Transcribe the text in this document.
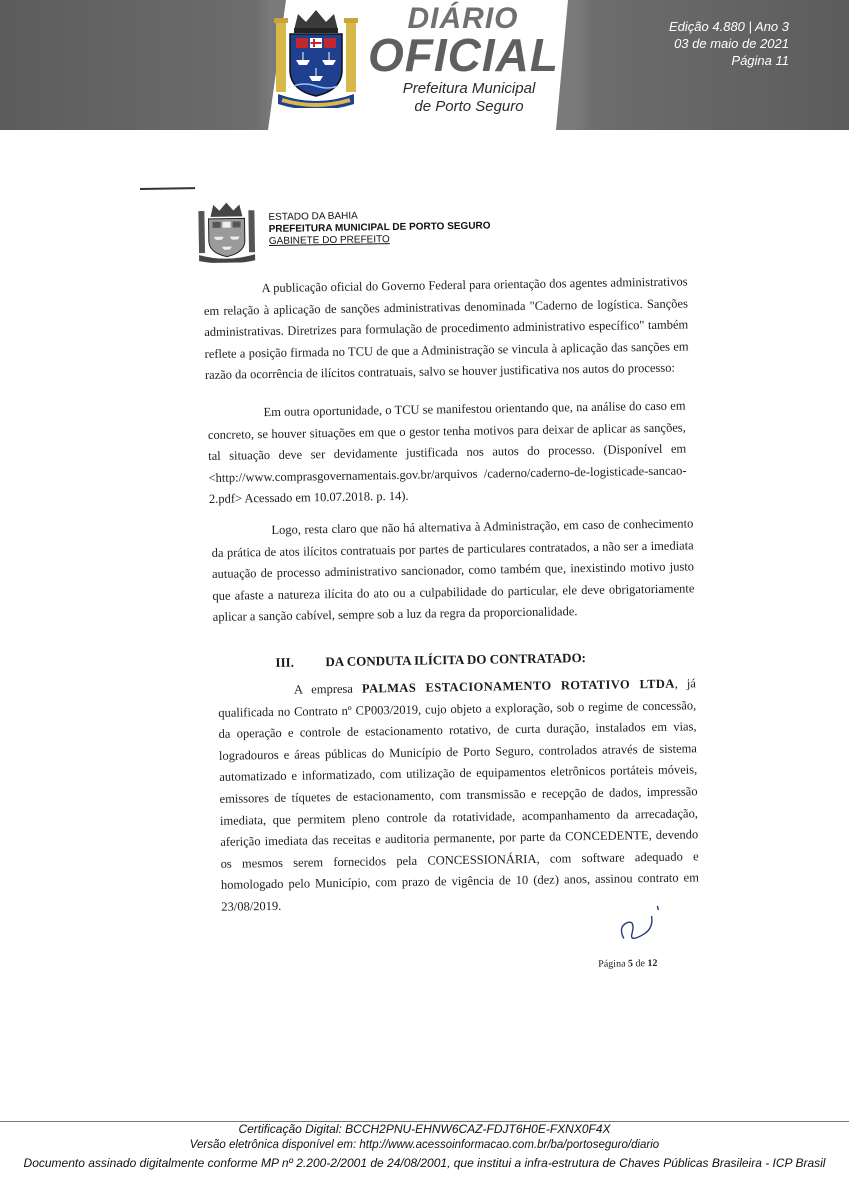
DIÁRIO
OFICIAL
Prefeitura Municipal
de Porto Seguro
Edição 4.880 | Ano 3
03 de maio de 2021
Página 11
ESTADO DA BAHIA
PREFEITURA MUNICIPAL DE PORTO SEGURO
GABINETE DO PREFEITO

A publicação oficial do Governo Federal para orientação dos agentes administrativos em relação à aplicação de sanções administrativas denominada "Caderno de logística. Sanções administrativas. Diretrizes para formulação de procedimento administrativo específico" também reflete a posição firmada no TCU de que a Administração se vincula à aplicação das sanções em razão da ocorrência de ilícitos contratuais, salvo se houver justificativa nos autos do processo:

Em outra oportunidade, o TCU se manifestou orientando que, na análise do caso em concreto, se houver situações em que o gestor tenha motivos para deixar de aplicar as sanções, tal situação deve ser devidamente justificada nos autos do processo. (Disponível em <http://www.comprasgovernamentais.gov.br/arquivos /caderno/caderno-de-logisticade-sancao-2.pdf> Acessado em 10.07.2018. p. 14).

Logo, resta claro que não há alternativa à Administração, em caso de conhecimento da prática de atos ilícitos contratuais por partes de particulares contratados, a não ser a imediata autuação de processo administrativo sancionador, como também que, inexistindo motivo justo que afaste a natureza ilícita do ato ou a culpabilidade do particular, ele deve obrigatoriamente aplicar a sanção cabível, sempre sob a luz da regra da proporcionalidade.

III. DA CONDUTA ILÍCITA DO CONTRATADO:

A empresa PALMAS ESTACIONAMENTO ROTATIVO LTDA, já qualificada no Contrato nº CP003/2019, cujo objeto a exploração, sob o regime de concessão, da operação e controle de estacionamento rotativo, de curta duração, instalados em vias, logradouros e áreas públicas do Município de Porto Seguro, controlados através de sistema automatizado e informatizado, com utilização de equipamentos eletrônicos portáteis móveis, emissores de tíquetes de estacionamento, com transmissão e recepção de dados, impressão imediata, que permitem pleno controle da rotatividade, acompanhamento da arrecadação, aferição imediata das receitas e auditoria permanente, por parte da CONCEDENTE, devendo os mesmos serem fornecidos pela CONCESSIONÁRIA, com software adequado e homologado pelo Município, com prazo de vigência de 10 (dez) anos, assinou contrato em 23/08/2019.

Página 5 de 12
Certificação Digital: BCCH2PNU-EHNW6CAZ-FDJT6H0E-FXNX0F4X
Versão eletrônica disponível em: http://www.acessoinformacao.com.br/ba/portoseguro/diario
Documento assinado digitalmente conforme MP nº 2.200-2/2001 de 24/08/2001, que institui a infra-estrutura de Chaves Públicas Brasileira - ICP Brasil
